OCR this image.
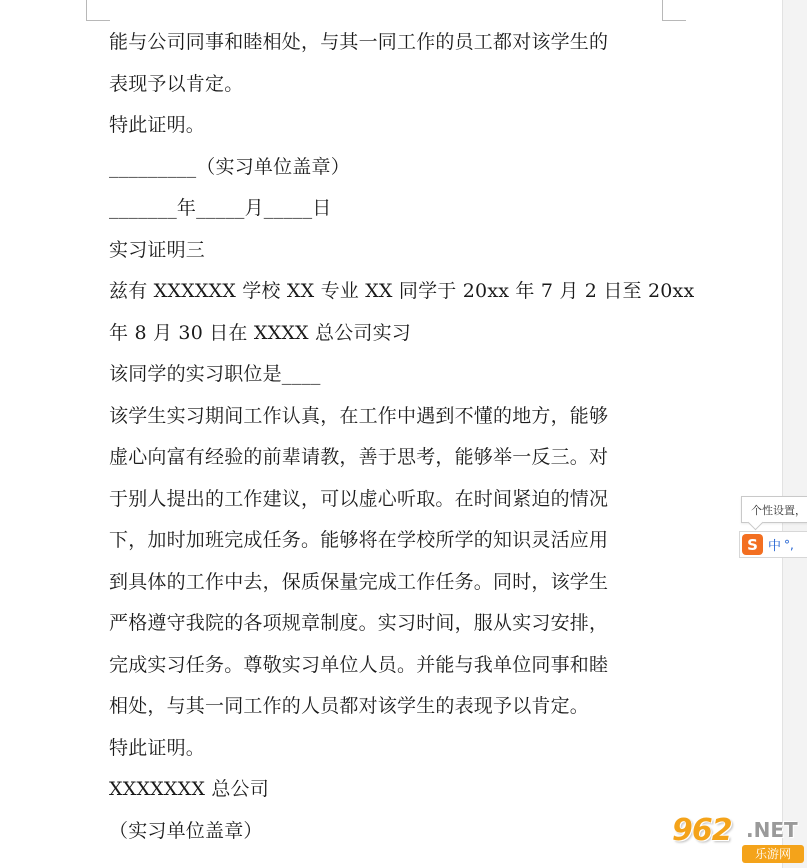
能与公司同事和睦相处，与其一同工作的员工都对该学生的
表现予以肯定。
特此证明。
_________（实习单位盖章）
_______年_____月_____日
实习证明三
兹有 XXXXXX 学校 XX 专业 XX 同学于 20xx 年 7 月 2 日至 20xx
年 8 月 30 日在 XXXX 总公司实习
该同学的实习职位是____
该学生实习期间工作认真，在工作中遇到不懂的地方，能够
虚心向富有经验的前辈请教，善于思考，能够举一反三。对
于别人提出的工作建议，可以虚心听取。在时间紧迫的情况
下，加时加班完成任务。能够将在学校所学的知识灵活应用
到具体的工作中去，保质保量完成工作任务。同时，该学生
严格遵守我院的各项规章制度。实习时间，服从实习安排，
完成实习任务。尊敬实习单位人员。并能与我单位同事和睦
相处，与其一同工作的人员都对该学生的表现予以肯定。
特此证明。
XXXXXXX 总公司
（实习单位盖章）
个性设置，
S 中 °,
962 .NET
乐游网
